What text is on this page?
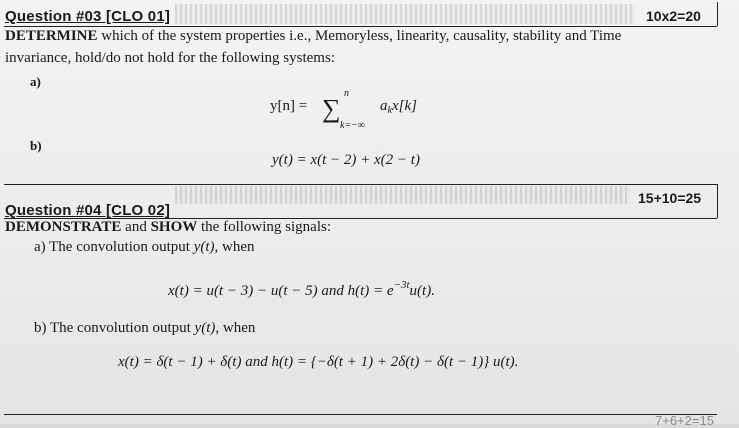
Question #03 [CLO 01]	10x2=20
DETERMINE which of the system properties i.e., Memoryless, linearity, causality, stability and Time
invariance, hold/do not hold for the following systems:
a)
y[n] = ∑
n
k=−∞
$a_kx[k]$
b)
y(t) = x(t − 2) + x(2 − t)
Question #04 [CLO 02]
15+10=25
DEMONSTRATE and SHOW the following signals:
a) The convolution output y(t), when
x(t) = u(t − 3) − u(t − 5) and $h(t) = e^{-3t}u(t)$.
b) The convolution output y(t), when
x(t) = δ(t − 1) + δ(t) and h(t) = {−δ(t + 1) + 2δ(t) − δ(t − 1)} u(t).
7+6+2=15
